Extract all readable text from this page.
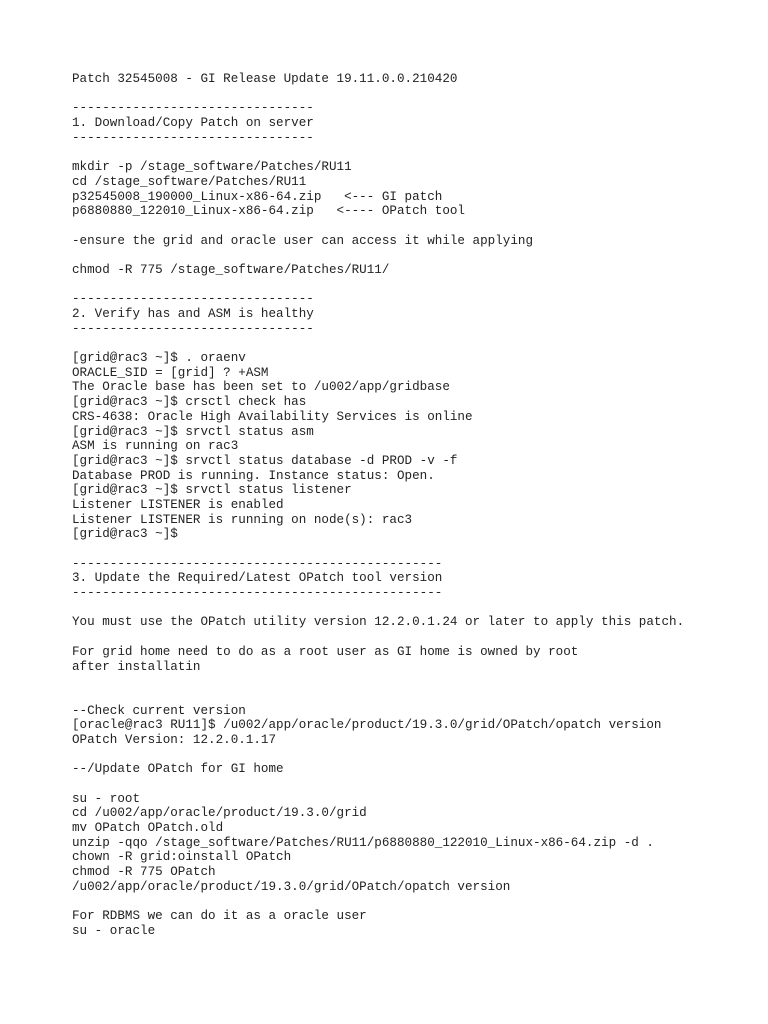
Patch 32545008 - GI Release Update 19.11.0.0.210420
--------------------------------
1. Download/Copy Patch on server
--------------------------------
mkdir -p /stage_software/Patches/RU11
cd /stage_software/Patches/RU11
p32545008_190000_Linux-x86-64.zip   <--- GI patch
p6880880_122010_Linux-x86-64.zip   <---- OPatch tool
-ensure the grid and oracle user can access it while applying
chmod -R 775 /stage_software/Patches/RU11/
--------------------------------
2. Verify has and ASM is healthy
--------------------------------
[grid@rac3 ~]$ . oraenv
ORACLE_SID = [grid] ? +ASM
The Oracle base has been set to /u002/app/gridbase
[grid@rac3 ~]$ crsctl check has
CRS-4638: Oracle High Availability Services is online
[grid@rac3 ~]$ srvctl status asm
ASM is running on rac3
[grid@rac3 ~]$ srvctl status database -d PROD -v -f
Database PROD is running. Instance status: Open.
[grid@rac3 ~]$ srvctl status listener
Listener LISTENER is enabled
Listener LISTENER is running on node(s): rac3
[grid@rac3 ~]$
-------------------------------------------------
3. Update the Required/Latest OPatch tool version
-------------------------------------------------
You must use the OPatch utility version 12.2.0.1.24 or later to apply this patch.
For grid home need to do as a root user as GI home is owned by root
after installatin
--Check current version
[oracle@rac3 RU11]$ /u002/app/oracle/product/19.3.0/grid/OPatch/opatch version
OPatch Version: 12.2.0.1.17
--/Update OPatch for GI home
su - root
cd /u002/app/oracle/product/19.3.0/grid
mv OPatch OPatch.old
unzip -qqo /stage_software/Patches/RU11/p6880880_122010_Linux-x86-64.zip -d .
chown -R grid:oinstall OPatch
chmod -R 775 OPatch
/u002/app/oracle/product/19.3.0/grid/OPatch/opatch version
For RDBMS we can do it as a oracle user
su - oracle
